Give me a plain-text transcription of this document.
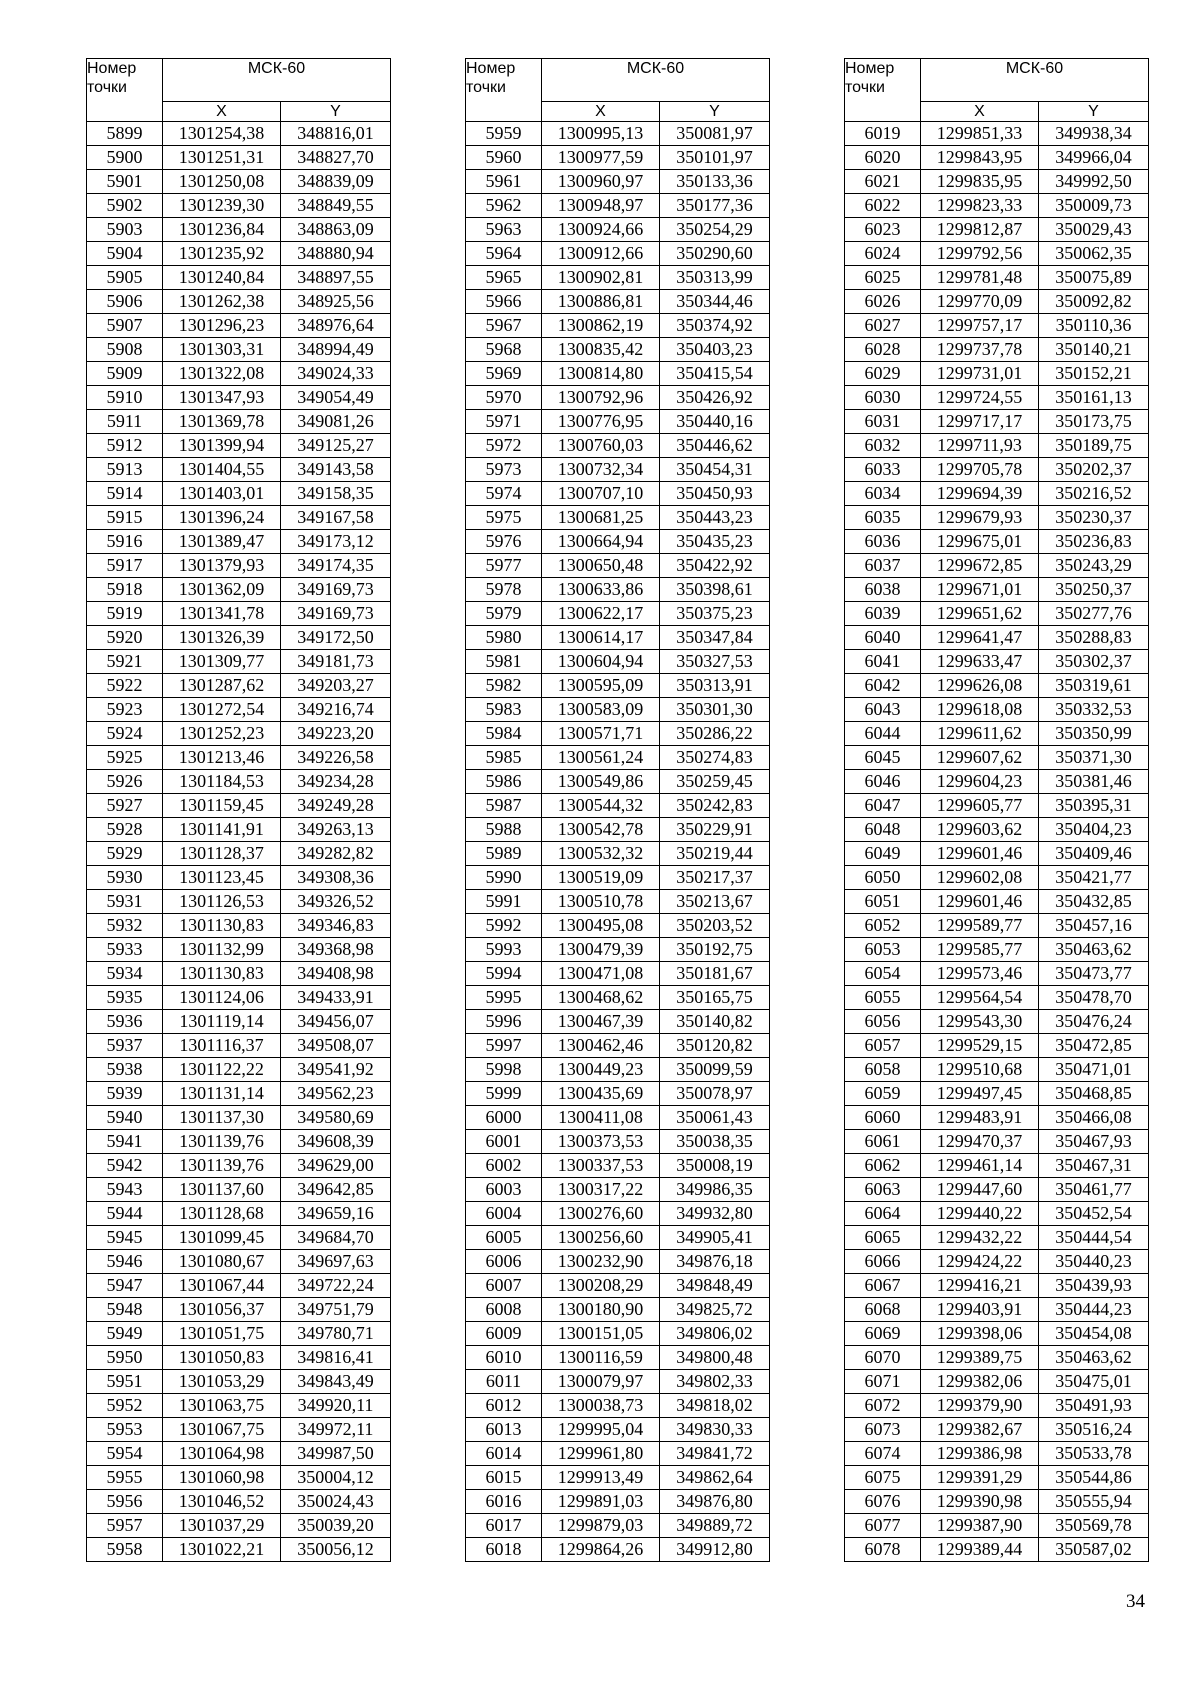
Номер точки	МСК-60	
	X	Y
5899	1301254,38	348816,01
5900	1301251,31	348827,70
5901	1301250,08	348839,09
5902	1301239,30	348849,55
5903	1301236,84	348863,09
5904	1301235,92	348880,94
5905	1301240,84	348897,55
5906	1301262,38	348925,56
5907	1301296,23	348976,64
5908	1301303,31	348994,49
5909	1301322,08	349024,33
5910	1301347,93	349054,49
5911	1301369,78	349081,26
5912	1301399,94	349125,27
5913	1301404,55	349143,58
5914	1301403,01	349158,35
5915	1301396,24	349167,58
5916	1301389,47	349173,12
5917	1301379,93	349174,35
5918	1301362,09	349169,73
5919	1301341,78	349169,73
5920	1301326,39	349172,50
5921	1301309,77	349181,73
5922	1301287,62	349203,27
5923	1301272,54	349216,74
5924	1301252,23	349223,20
5925	1301213,46	349226,58
5926	1301184,53	349234,28
5927	1301159,45	349249,28
5928	1301141,91	349263,13
5929	1301128,37	349282,82
5930	1301123,45	349308,36
5931	1301126,53	349326,52
5932	1301130,83	349346,83
5933	1301132,99	349368,98
5934	1301130,83	349408,98
5935	1301124,06	349433,91
5936	1301119,14	349456,07
5937	1301116,37	349508,07
5938	1301122,22	349541,92
5939	1301131,14	349562,23
5940	1301137,30	349580,69
5941	1301139,76	349608,39
5942	1301139,76	349629,00
5943	1301137,60	349642,85
5944	1301128,68	349659,16
5945	1301099,45	349684,70
5946	1301080,67	349697,63
5947	1301067,44	349722,24
5948	1301056,37	349751,79
5949	1301051,75	349780,71
5950	1301050,83	349816,41
5951	1301053,29	349843,49
5952	1301063,75	349920,11
5953	1301067,75	349972,11
5954	1301064,98	349987,50
5955	1301060,98	350004,12
5956	1301046,52	350024,43
5957	1301037,29	350039,20
5958	1301022,21	350056,12
Номер точки	МСК-60	
	X	Y
5959	1300995,13	350081,97
5960	1300977,59	350101,97
5961	1300960,97	350133,36
5962	1300948,97	350177,36
5963	1300924,66	350254,29
5964	1300912,66	350290,60
5965	1300902,81	350313,99
5966	1300886,81	350344,46
5967	1300862,19	350374,92
5968	1300835,42	350403,23
5969	1300814,80	350415,54
5970	1300792,96	350426,92
5971	1300776,95	350440,16
5972	1300760,03	350446,62
5973	1300732,34	350454,31
5974	1300707,10	350450,93
5975	1300681,25	350443,23
5976	1300664,94	350435,23
5977	1300650,48	350422,92
5978	1300633,86	350398,61
5979	1300622,17	350375,23
5980	1300614,17	350347,84
5981	1300604,94	350327,53
5982	1300595,09	350313,91
5983	1300583,09	350301,30
5984	1300571,71	350286,22
5985	1300561,24	350274,83
5986	1300549,86	350259,45
5987	1300544,32	350242,83
5988	1300542,78	350229,91
5989	1300532,32	350219,44
5990	1300519,09	350217,37
5991	1300510,78	350213,67
5992	1300495,08	350203,52
5993	1300479,39	350192,75
5994	1300471,08	350181,67
5995	1300468,62	350165,75
5996	1300467,39	350140,82
5997	1300462,46	350120,82
5998	1300449,23	350099,59
5999	1300435,69	350078,97
6000	1300411,08	350061,43
6001	1300373,53	350038,35
6002	1300337,53	350008,19
6003	1300317,22	349986,35
6004	1300276,60	349932,80
6005	1300256,60	349905,41
6006	1300232,90	349876,18
6007	1300208,29	349848,49
6008	1300180,90	349825,72
6009	1300151,05	349806,02
6010	1300116,59	349800,48
6011	1300079,97	349802,33
6012	1300038,73	349818,02
6013	1299995,04	349830,33
6014	1299961,80	349841,72
6015	1299913,49	349862,64
6016	1299891,03	349876,80
6017	1299879,03	349889,72
6018	1299864,26	349912,80
Номер точки	МСК-60	
	X	Y
6019	1299851,33	349938,34
6020	1299843,95	349966,04
6021	1299835,95	349992,50
6022	1299823,33	350009,73
6023	1299812,87	350029,43
6024	1299792,56	350062,35
6025	1299781,48	350075,89
6026	1299770,09	350092,82
6027	1299757,17	350110,36
6028	1299737,78	350140,21
6029	1299731,01	350152,21
6030	1299724,55	350161,13
6031	1299717,17	350173,75
6032	1299711,93	350189,75
6033	1299705,78	350202,37
6034	1299694,39	350216,52
6035	1299679,93	350230,37
6036	1299675,01	350236,83
6037	1299672,85	350243,29
6038	1299671,01	350250,37
6039	1299651,62	350277,76
6040	1299641,47	350288,83
6041	1299633,47	350302,37
6042	1299626,08	350319,61
6043	1299618,08	350332,53
6044	1299611,62	350350,99
6045	1299607,62	350371,30
6046	1299604,23	350381,46
6047	1299605,77	350395,31
6048	1299603,62	350404,23
6049	1299601,46	350409,46
6050	1299602,08	350421,77
6051	1299601,46	350432,85
6052	1299589,77	350457,16
6053	1299585,77	350463,62
6054	1299573,46	350473,77
6055	1299564,54	350478,70
6056	1299543,30	350476,24
6057	1299529,15	350472,85
6058	1299510,68	350471,01
6059	1299497,45	350468,85
6060	1299483,91	350466,08
6061	1299470,37	350467,93
6062	1299461,14	350467,31
6063	1299447,60	350461,77
6064	1299440,22	350452,54
6065	1299432,22	350444,54
6066	1299424,22	350440,23
6067	1299416,21	350439,93
6068	1299403,91	350444,23
6069	1299398,06	350454,08
6070	1299389,75	350463,62
6071	1299382,06	350475,01
6072	1299379,90	350491,93
6073	1299382,67	350516,24
6074	1299386,98	350533,78
6075	1299391,29	350544,86
6076	1299390,98	350555,94
6077	1299387,90	350569,78
6078	1299389,44	350587,02
34
